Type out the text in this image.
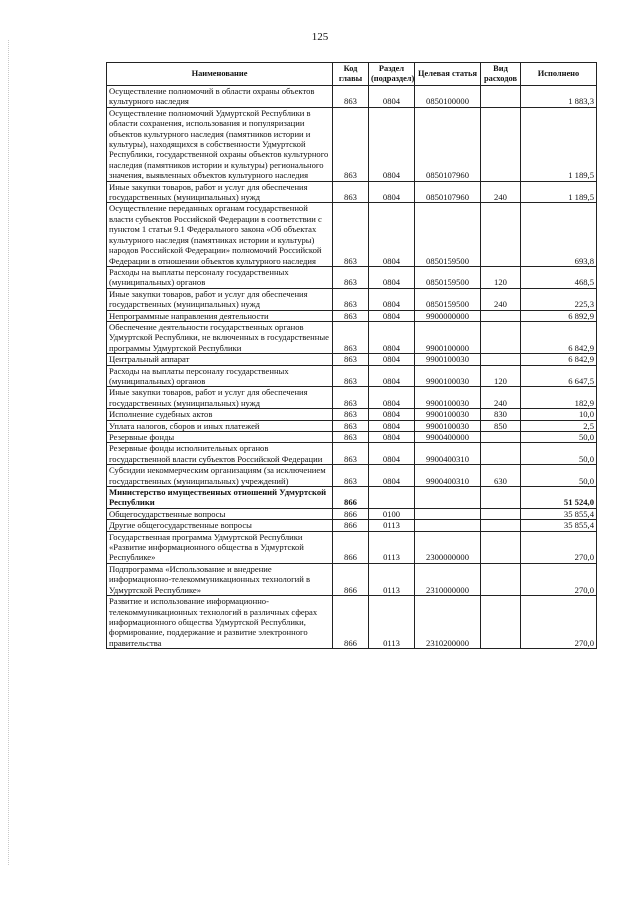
125
Наименование	Код главы	Раздел (подраздел)	Целевая статья	Вид расходов	Исполнено
Осуществление полномочий в области охраны объектов культурного наследия	863	0804	0850100000		1 883,3
Осуществление полномочий Удмуртской Республики в области сохранения, использования и популяризации объектов культурного наследия (памятников истории и культуры), находящихся в собственности Удмуртской Республики, государственной охраны объектов культурного наследия (памятников истории и культуры) регионального значения, выявленных объектов культурного наследия	863	0804	0850107960		1 189,5
Иные закупки товаров, работ и услуг для обеспечения государственных (муниципальных) нужд	863	0804	0850107960	240	1 189,5
Осуществление переданных органам государственной власти субъектов Российской Федерации в соответствии с пунктом 1 статьи 9.1 Федерального закона «Об объектах культурного наследия (памятниках истории и культуры) народов Российской Федерации» полномочий Российской Федерации в отношении объектов культурного наследия	863	0804	0850159500		693,8
Расходы на выплаты персоналу государственных (муниципальных) органов	863	0804	0850159500	120	468,5
Иные закупки товаров, работ и услуг для обеспечения государственных (муниципальных) нужд	863	0804	0850159500	240	225,3
Непрограммные направления деятельности	863	0804	9900000000		6 892,9
Обеспечение деятельности государственных органов Удмуртской Республики, не включенных в государственные программы Удмуртской Республики	863	0804	9900100000		6 842,9
Центральный аппарат	863	0804	9900100030		6 842,9
Расходы на выплаты персоналу государственных (муниципальных) органов	863	0804	9900100030	120	6 647,5
Иные закупки товаров, работ и услуг для обеспечения государственных (муниципальных) нужд	863	0804	9900100030	240	182,9
Исполнение судебных актов	863	0804	9900100030	830	10,0
Уплата налогов, сборов и иных платежей	863	0804	9900100030	850	2,5
Резервные фонды	863	0804	9900400000		50,0
Резервные фонды исполнительных органов государственной власти субъектов Российской Федерации	863	0804	9900400310		50,0
Субсидии некоммерческим организациям (за исключением государственных (муниципальных) учреждений)	863	0804	9900400310	630	50,0
Министерство имущественных отношений Удмуртской Республики	866				51 524,0
Общегосударственные вопросы	866	0100			35 855,4
Другие общегосударственные вопросы	866	0113			35 855,4
Государственная программа Удмуртской Республики «Развитие информационного общества в Удмуртской Республике»	866	0113	2300000000		270,0
Подпрограмма «Использование и внедрение информационно-телекоммуникационных технологий в Удмуртской Республике»	866	0113	2310000000		270,0
Развитие и использование информационно-телекоммуникационных технологий в различных сферах информационного общества Удмуртской Республики, формирование, поддержание и развитие электронного правительства	866	0113	2310200000		270,0
